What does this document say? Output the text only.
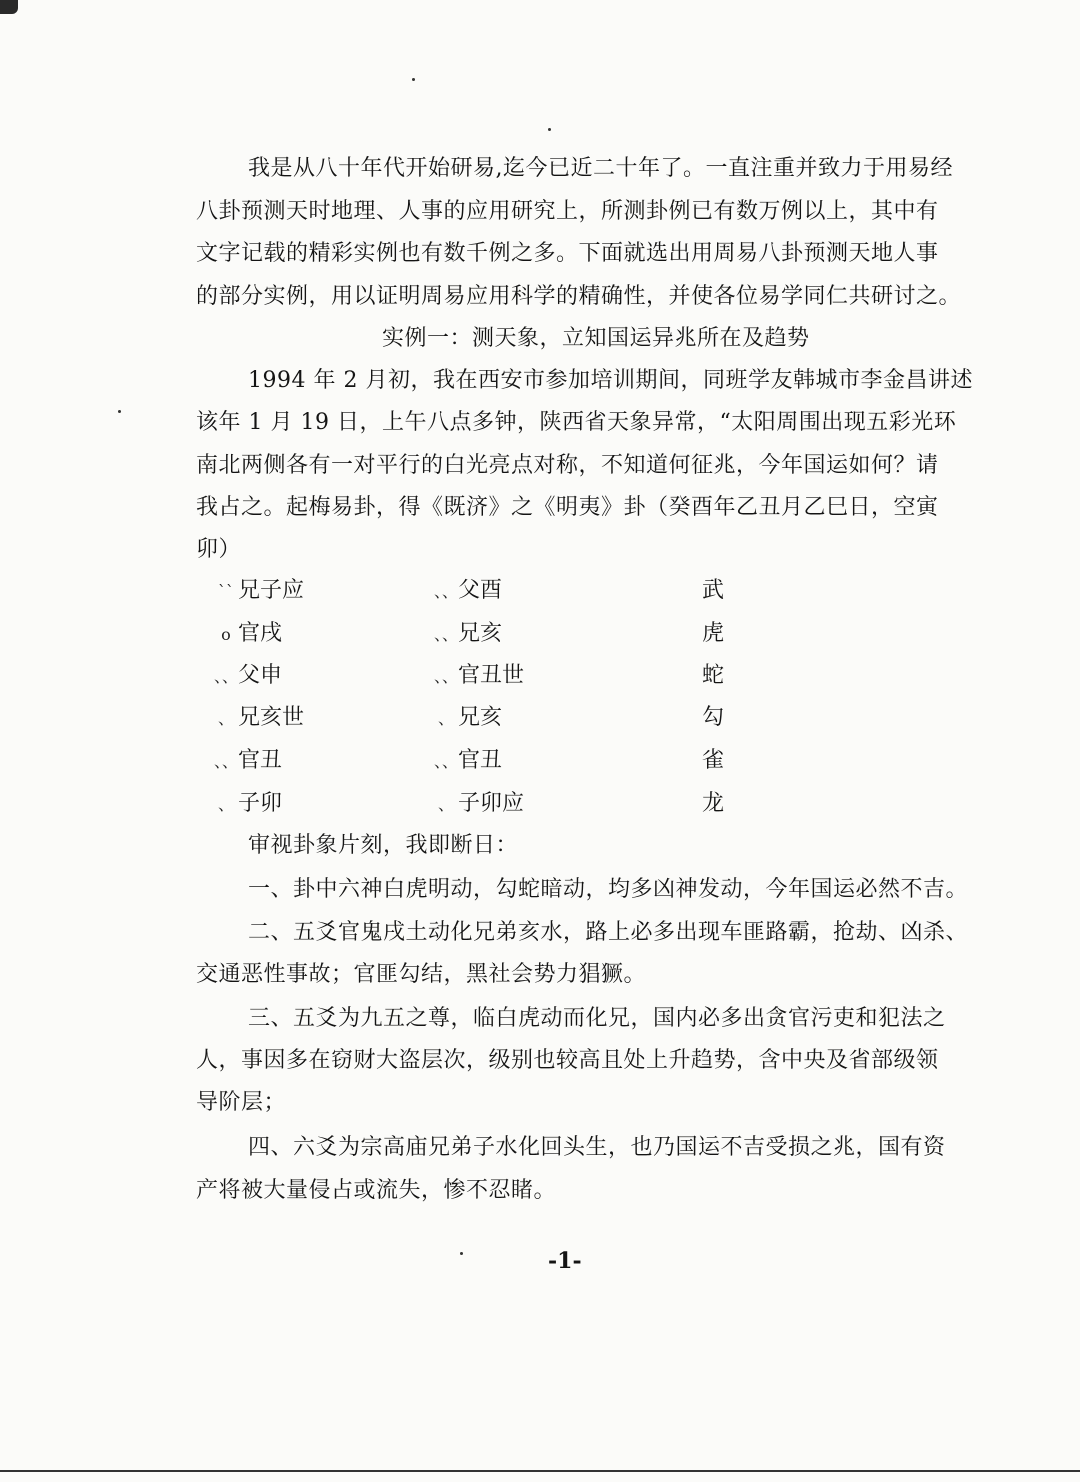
我是从八十年代开始研易,迄今已近二十年了。一直注重并致力于用易经
八卦预测天时地理、人事的应用研究上，所测卦例已有数万例以上，其中有
文字记载的精彩实例也有数千例之多。下面就选出用周易八卦预测天地人事
的部分实例，用以证明周易应用科学的精确性，并使各位易学同仁共研讨之。
实例一：测天象，立知国运异兆所在及趋势
1994 年 2 月初，我在西安市参加培训期间，同班学友韩城市李金昌讲述
该年 1 月 19 日，上午八点多钟，陕西省天象异常，“太阳周围出现五彩光环
南北两侧各有一对平行的白光亮点对称，不知道何征兆，今年国运如何？请
我占之。起梅易卦，得《既济》之《明夷》卦（癸酉年乙丑月乙巳日，空寅
卯）
`` 兄子应	、、父酉	武
o 官戌	、、兄亥	虎
、、父申	、、官丑世	蛇
、 兄亥世	、 兄亥	勾
、、官丑	、、官丑	雀
、 子卯	、 子卯应	龙
审视卦象片刻，我即断日：
一、卦中六神白虎明动，勾蛇暗动，均多凶神发动，今年国运必然不吉。
二、五爻官鬼戌土动化兄弟亥水，路上必多出现车匪路霸，抢劫、凶杀、
交通恶性事故；官匪勾结，黑社会势力猖獗。
三、五爻为九五之尊，临白虎动而化兄，国内必多出贪官污吏和犯法之
人，事因多在窃财大盗层次，级别也较高且处上升趋势，含中央及省部级领
导阶层；
四、六爻为宗高庙兄弟子水化回头生，也乃国运不吉受损之兆，国有资
产将被大量侵占或流失，惨不忍睹。
-1-
